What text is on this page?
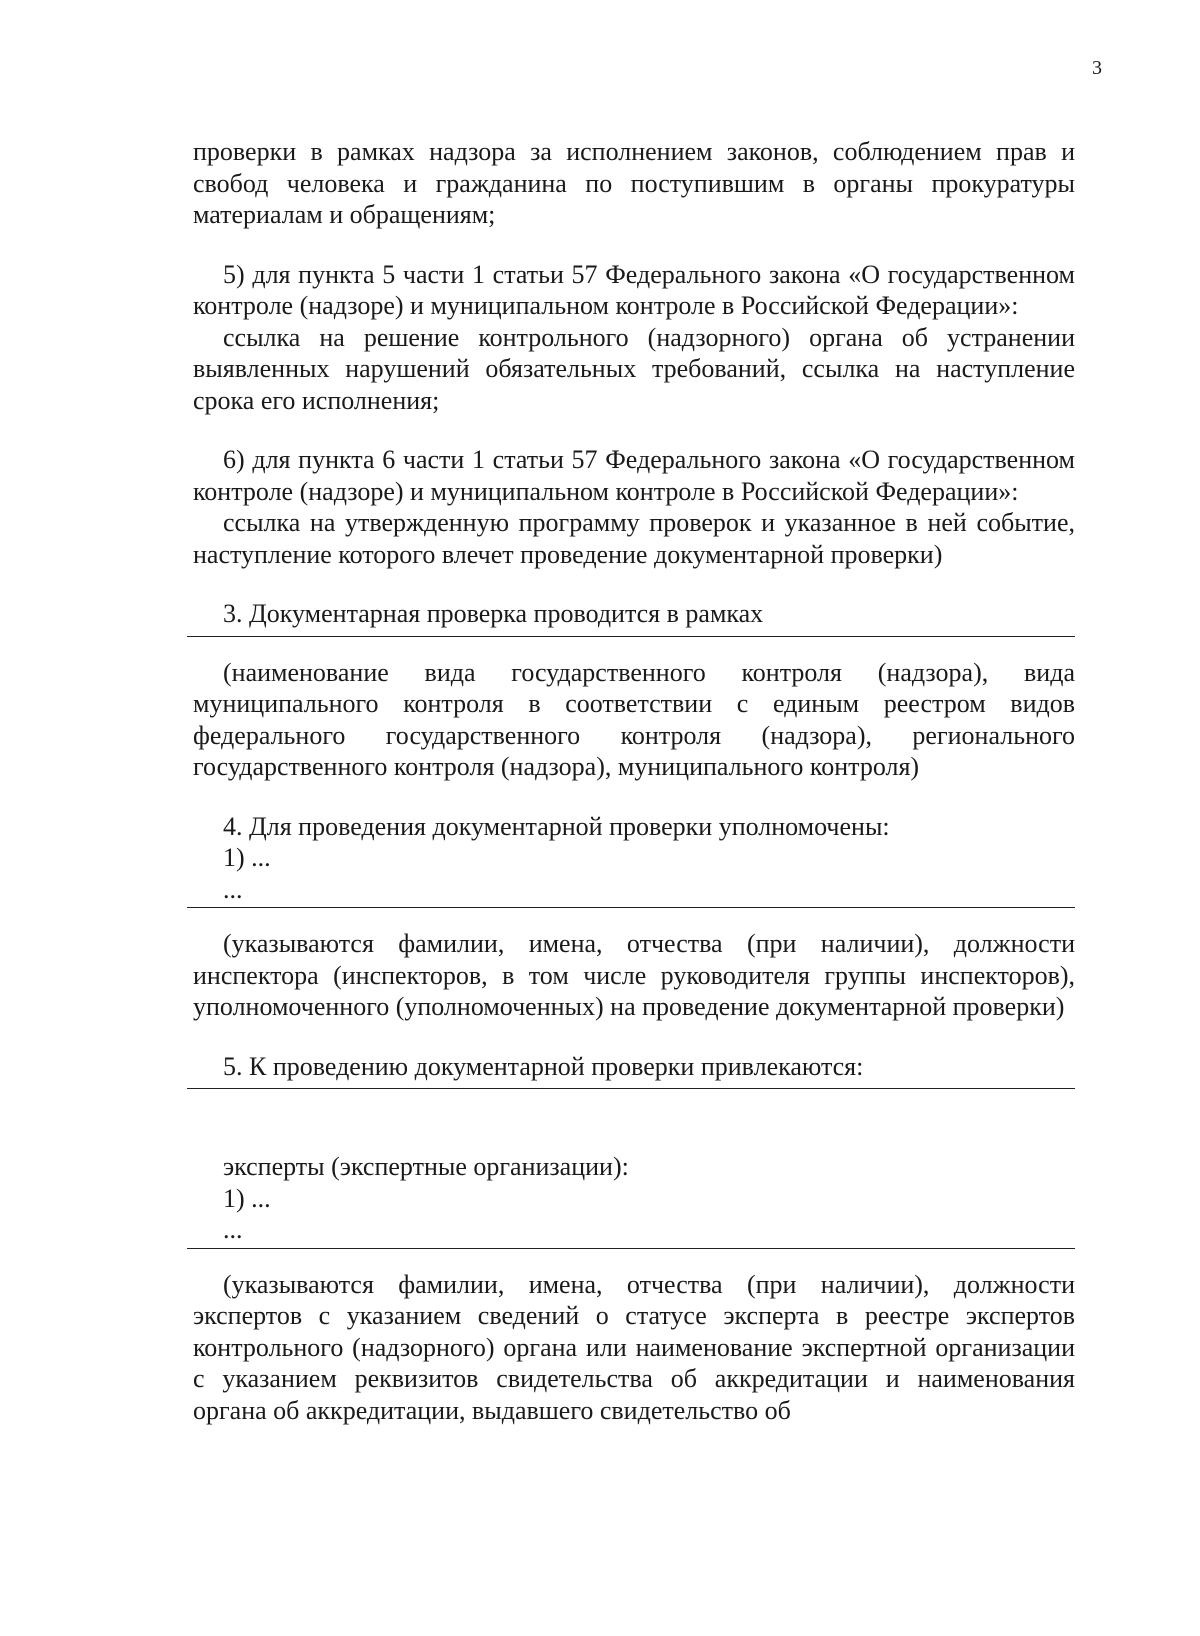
3

проверки в рамках надзора за исполнением законов, соблюдением прав и свобод человека и гражданина по поступившим в органы прокуратуры материалам и обращениям;

5) для пункта 5 части 1 статьи 57 Федерального закона «О государственном контроле (надзоре) и муниципальном контроле в Российской Федерации»:

ссылка на решение контрольного (надзорного) органа об устранении выявленных нарушений обязательных требований, ссылка на наступление срока его исполнения;

6) для пункта 6 части 1 статьи 57 Федерального закона «О государственном контроле (надзоре) и муниципальном контроле в Российской Федерации»:

ссылка на утвержденную программу проверок и указанное в ней событие, наступление которого влечет проведение документарной проверки)

3. Документарная проверка проводится в рамках

(наименование вида государственного контроля (надзора), вида муниципального контроля в соответствии с единым реестром видов федерального государственного контроля (надзора), регионального государственного контроля (надзора), муниципального контроля)

4. Для проведения документарной проверки уполномочены:

1) ...

...

(указываются фамилии, имена, отчества (при наличии), должности инспектора (инспекторов, в том числе руководителя группы инспекторов), уполномоченного (уполномоченных) на проведение документарной проверки)

5. К проведению документарной проверки привлекаются:

эксперты (экспертные организации):

1) ...

...

(указываются фамилии, имена, отчества (при наличии), должности экспертов с указанием сведений о статусе эксперта в реестре экспертов контрольного (надзорного) органа или наименование экспертной организации с указанием реквизитов свидетельства об аккредитации и наименования органа об аккредитации, выдавшего свидетельство об
